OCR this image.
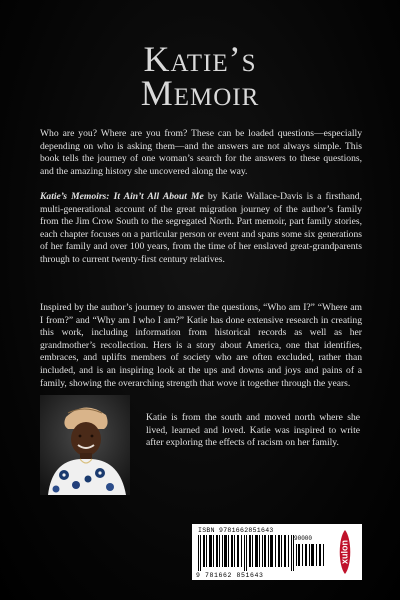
Katie’s
Memoir

Who are you? Where are you from? These can be loaded questions—especially depending on who is asking them—and the answers are not always simple. This book tells the journey of one woman’s search for the answers to these questions, and the amazing history she uncovered along the way.

Katie’s Memoirs: It Ain’t All About Me by Katie Wallace-Davis is a firsthand, multi-generational account of the great migration journey of the author’s family from the Jim Crow South to the segregated North. Part memoir, part family stories, each chapter focuses on a particular person or event and spans some six generations of her family and over 100 years, from the time of her enslaved great-grandparents through to current twenty-first century relatives.

Inspired by the author’s journey to answer the questions, “Who am I?” “Where am I from?” and “Why am I who I am?” Katie has done extensive research in creating this work, including information from historical records as well as her grandmother’s recollection. Hers is a story about America, one that identifies, embraces, and uplifts members of society who are often excluded, rather than included, and is an inspiring look at the ups and downs and joys and pains of a family, showing the overarching strength that wove it together through the years.

Katie is from the south and moved north where she lived, learned and loved. Katie was inspired to write after exploring the effects of racism on her family.

ISBN 9781662851643
90000
9 781662 851643
xulon
